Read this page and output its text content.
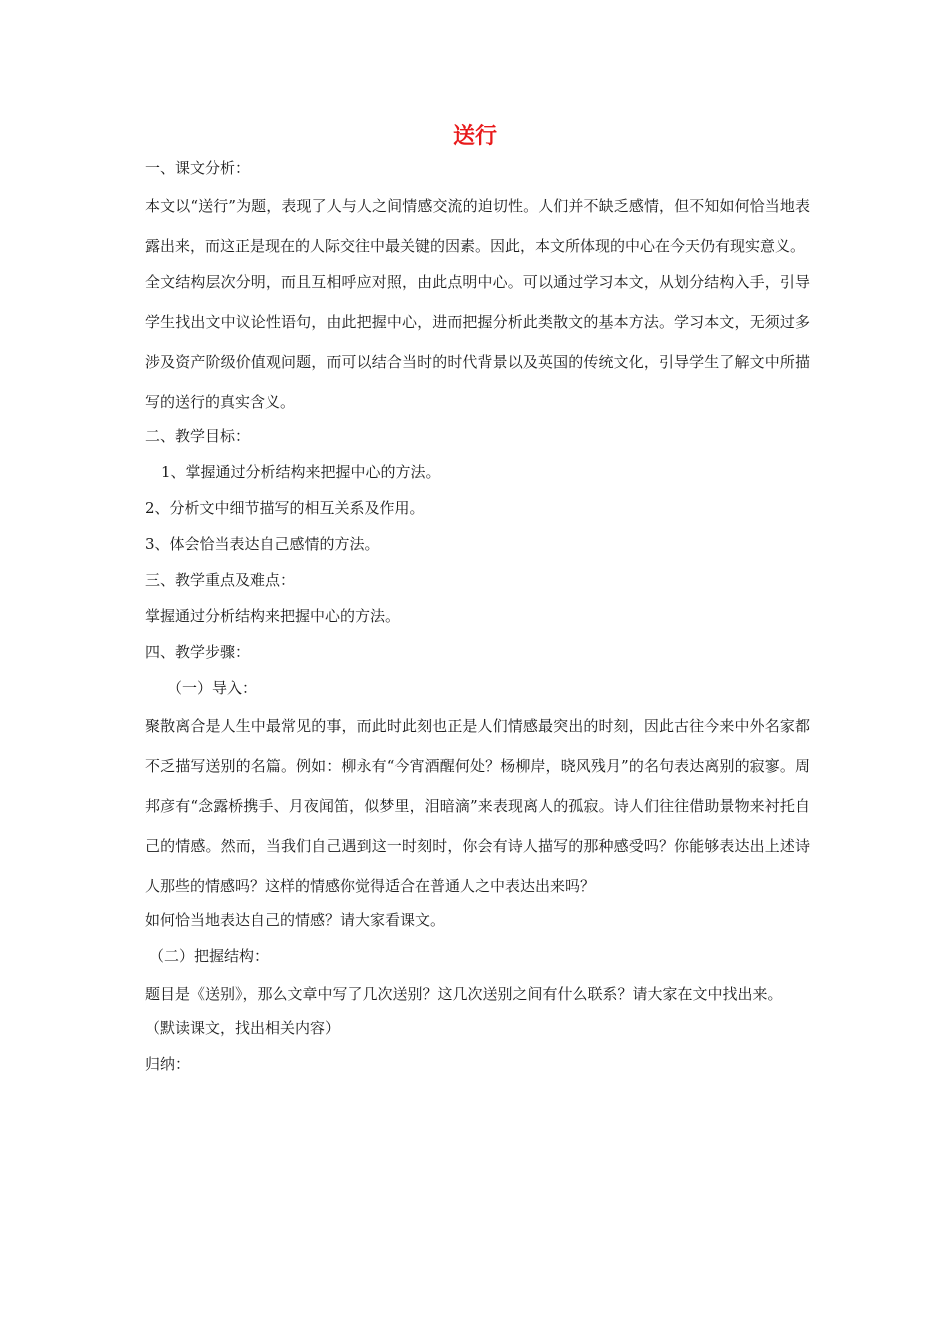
送行

一、课文分析：

本文以“送行”为题，表现了人与人之间情感交流的迫切性。人们并不缺乏感情，但不知如何恰当地表露出来，而这正是现在的人际交往中最关键的因素。因此，本文所体现的中心在今天仍有现实意义。

全文结构层次分明，而且互相呼应对照，由此点明中心。可以通过学习本文，从划分结构入手，引导学生找出文中议论性语句，由此把握中心，进而把握分析此类散文的基本方法。学习本文，无须过多涉及资产阶级价值观问题，而可以结合当时的时代背景以及英国的传统文化，引导学生了解文中所描写的送行的真实含义。

二、教学目标：

1、掌握通过分析结构来把握中心的方法。

2、分析文中细节描写的相互关系及作用。

3、体会恰当表达自己感情的方法。

三、教学重点及难点：

掌握通过分析结构来把握中心的方法。

四、教学步骤：

（一）导入：

聚散离合是人生中最常见的事，而此时此刻也正是人们情感最突出的时刻，因此古往今来中外名家都不乏描写送别的名篇。例如：柳永有“今宵酒醒何处？杨柳岸，晓风残月”的名句表达离别的寂寥。周邦彦有“念露桥携手、月夜闻笛，似梦里，泪暗滴”来表现离人的孤寂。诗人们往往借助景物来衬托自己的情感。然而，当我们自己遇到这一时刻时，你会有诗人描写的那种感受吗？你能够表达出上述诗人那些的情感吗？这样的情感你觉得适合在普通人之中表达出来吗？

如何恰当地表达自己的情感？请大家看课文。

（二）把握结构：

题目是《送别》，那么文章中写了几次送别？这几次送别之间有什么联系？请大家在文中找出来。

（默读课文，找出相关内容）

归纳：
